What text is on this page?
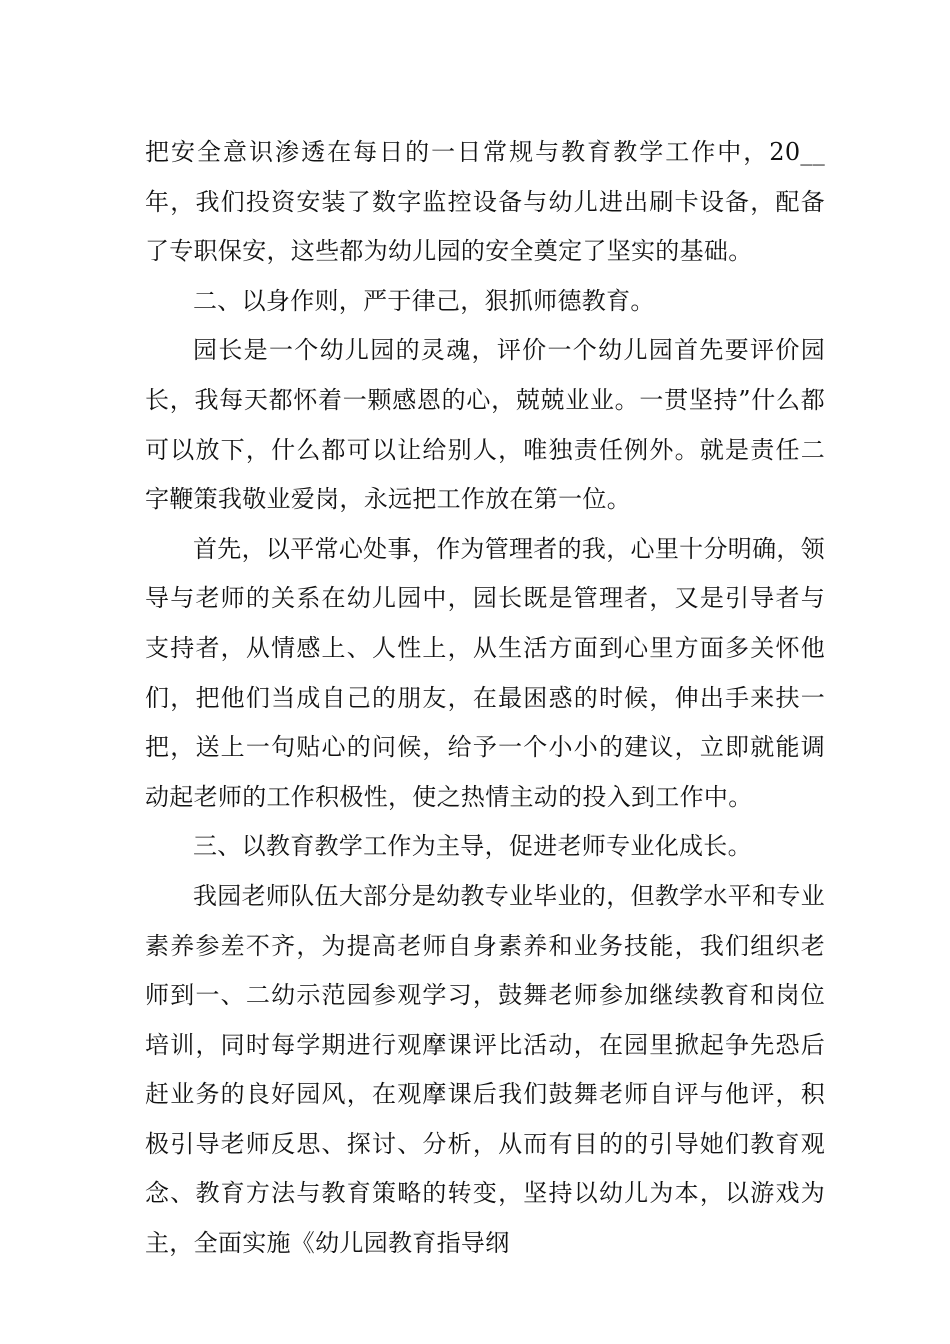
把安全意识渗透在每日的一日常规与教育教学工作中，20__年，我们投资安装了数字监控设备与幼儿进出刷卡设备，配备了专职保安，这些都为幼儿园的安全奠定了坚实的基础。

二、以身作则，严于律己，狠抓师德教育。

园长是一个幼儿园的灵魂，评价一个幼儿园首先要评价园长，我每天都怀着一颗感恩的心，兢兢业业。一贯坚持”什么都可以放下，什么都可以让给别人，唯独责任例外。就是责任二字鞭策我敬业爱岗，永远把工作放在第一位。

首先，以平常心处事，作为管理者的我，心里十分明确，领导与老师的关系在幼儿园中，园长既是管理者，又是引导者与支持者，从情感上、人性上，从生活方面到心里方面多关怀他们，把他们当成自己的朋友，在最困惑的时候，伸出手来扶一把，送上一句贴心的问候，给予一个小小的建议，立即就能调动起老师的工作积极性，使之热情主动的投入到工作中。

三、以教育教学工作为主导，促进老师专业化成长。

我园老师队伍大部分是幼教专业毕业的，但教学水平和专业素养参差不齐，为提高老师自身素养和业务技能，我们组织老师到一、二幼示范园参观学习，鼓舞老师参加继续教育和岗位培训，同时每学期进行观摩课评比活动，在园里掀起争先恐后赶业务的良好园风，在观摩课后我们鼓舞老师自评与他评，积极引导老师反思、探讨、分析，从而有目的的引导她们教育观念、教育方法与教育策略的转变，坚持以幼儿为本，以游戏为主，全面实施《幼儿园教育指导纲
